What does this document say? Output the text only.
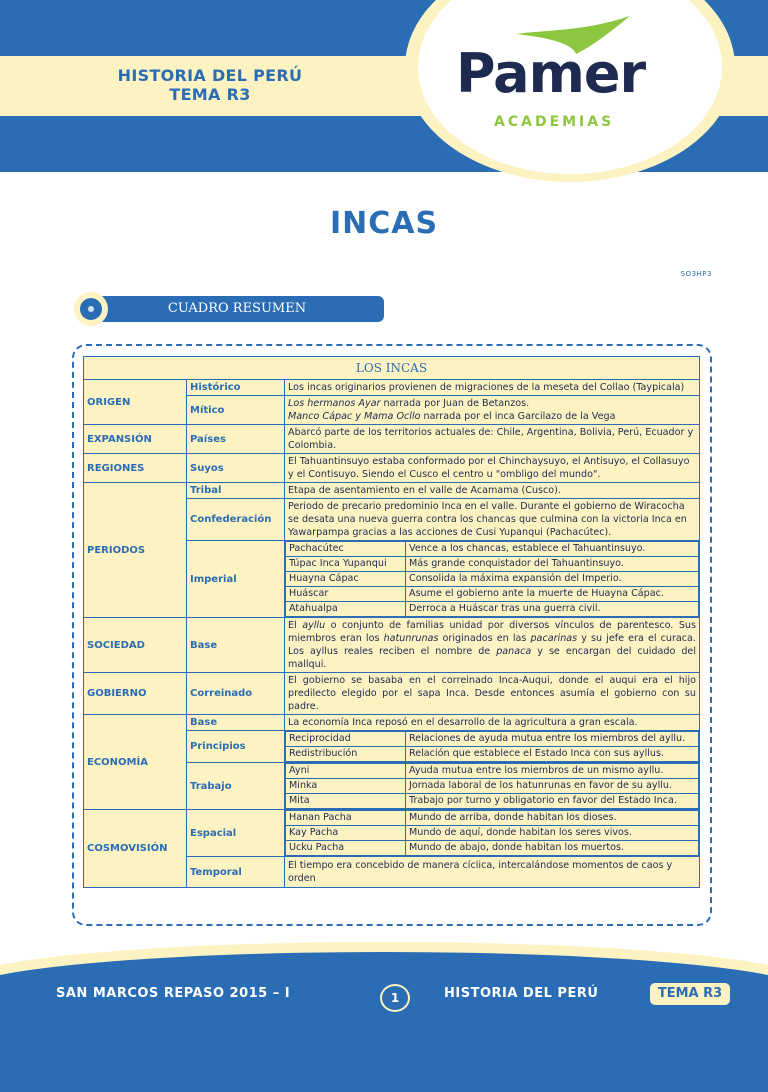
HISTORIA DEL PERÚ
TEMA R3	Pamer
ACADEMIAS
INCAS
SO3HP3
CUADRO RESUMEN
LOS INCAS
ORIGEN	Histórico	Los incas originarios provienen de migraciones de la meseta del Collao (Taypicala)
Mítico	Los hermanos Ayar narrada por Juan de Betanzos.
Manco Cápac y Mama Ocllo narrada por el inca Garcilazo de la Vega
EXPANSIÓN	Países	Abarcó parte de los territorios actuales de: Chile, Argentina, Bolivia, Perú, Ecuador y Colombia.
REGIONES	Suyos	El Tahuantinsuyo estaba conformado por el Chinchaysuyo, el Antisuyo, el Collasuyo y el Contisuyo. Siendo el Cusco el centro u "ombligo del mundo".
PERIODOS	Tribal	Etapa de asentamiento en el valle de Acamama (Cusco).
Confederación	Periodo de precario predominio Inca en el valle. Durante el gobierno de Wiracocha se desata una nueva guerra contra los chancas que culmina con la victoria Inca en Yawarpampa gracias a las acciones de Cusi Yupanqui (Pachacútec).
Imperial	
Pachacútec	Vence a los chancas, establece el Tahuantinsuyo.
Túpac Inca Yupanqui	Más grande conquistador del Tahuantinsuyo.
Huayna Cápac	Consolida la máxima expansión del Imperio.
Huáscar	Asume el gobierno ante la muerte de Huayna Cápac.
Atahualpa	Derroca a Huáscar tras una guerra civil.

SOCIEDAD	Base	El ayllu o conjunto de familias unidad por diversos vínculos de parentesco. Sus miembros eran los hatunrunas originados en las pacarinas y su jefe era el curaca. Los ayllus reales reciben el nombre de panaca y se encargan del cuidado del mallqui.
GOBIERNO	Correinado	El gobierno se basaba en el correinado Inca-Auqui, donde el auqui era el hijo predilecto elegido por el sapa Inca. Desde entonces asumía el gobierno con su padre.
ECONOMÍA	Base	La economía Inca reposó en el desarrollo de la agricultura a gran escala.
Principios	
Reciprocidad	Relaciones de ayuda mutua entre los miembros del ayllu.
Redistribución	Relación que establece el Estado Inca con sus ayllus.

Trabajo	
Ayni	Ayuda mutua entre los miembros de un mismo ayllu.
Minka	Jornada laboral de los hatunrunas en favor de su ayllu.
Mita	Trabajo por turno y obligatorio en favor del Estado Inca.

COSMOVISIÓN	Espacial	
Hanan Pacha	Mundo de arriba, donde habitan los dioses.
Kay Pacha	Mundo de aquí, donde habitan los seres vivos.
Ucku Pacha	Mundo de abajo, donde habitan los muertos.

Temporal	El tiempo era concebido de manera cíclica, intercalándose momentos de caos y orden
SAN MARCOS REPASO 2015 – I	1	HISTORIA DEL PERÚ	TEMA R3
